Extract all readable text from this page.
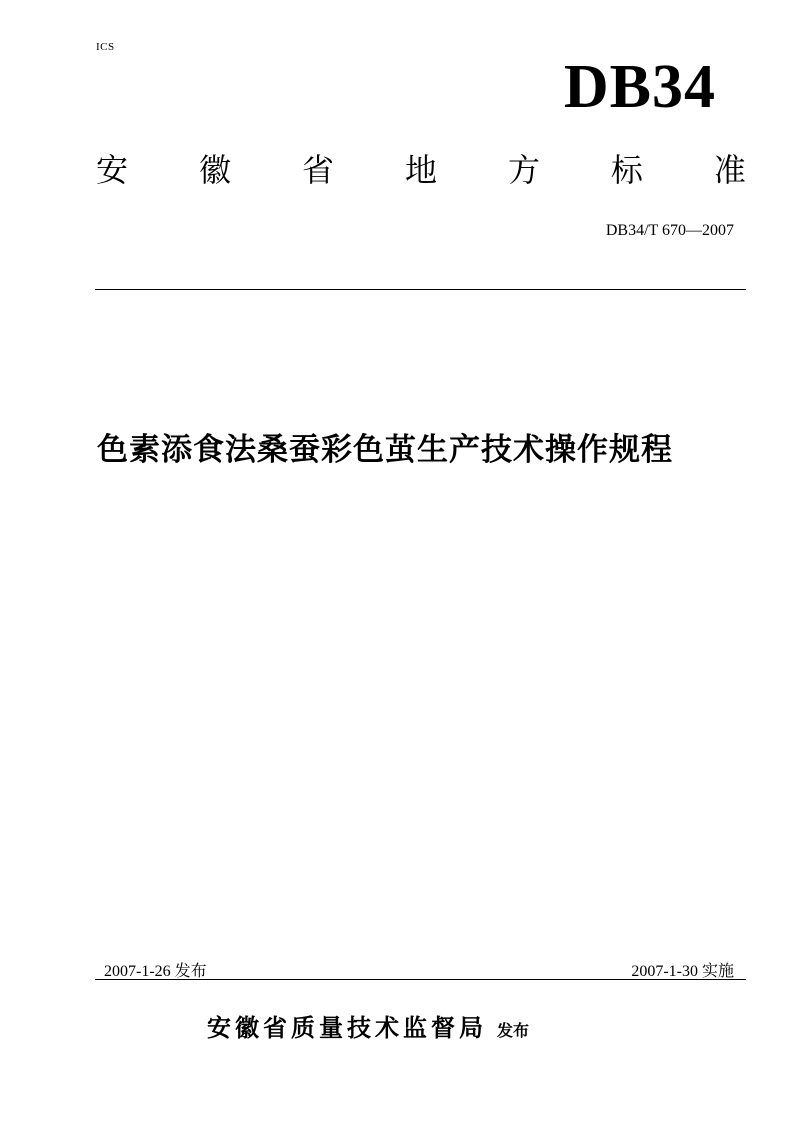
ICS
DB34
安 徽 省 地 方 标 准
DB34/T 670—2007
色素添食法桑蚕彩色茧生产技术操作规程
2007-1-26 发布	2007-1-30 实施
安徽省质量技术监督局 发布
